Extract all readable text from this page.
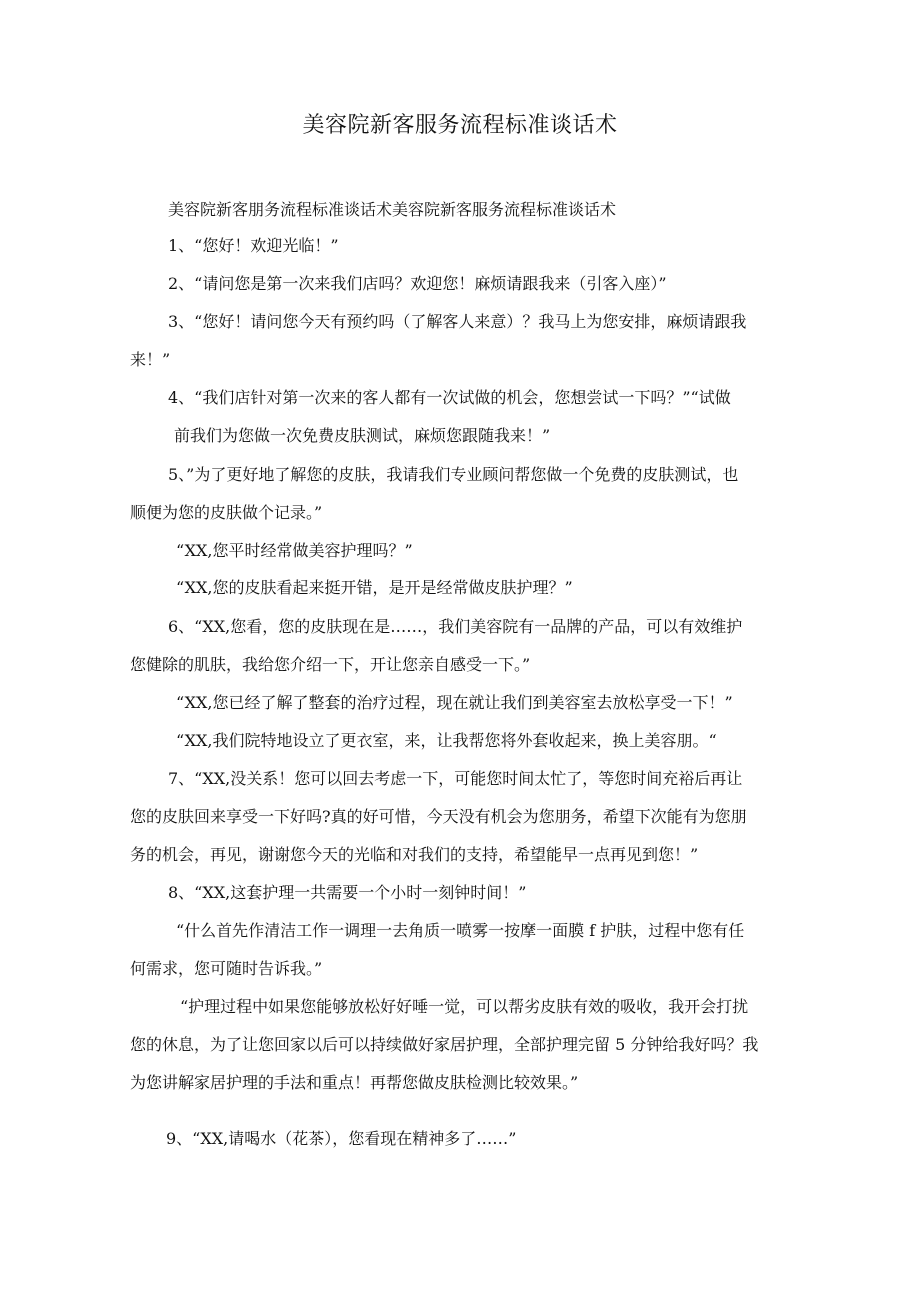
美容院新客服务流程标准谈话术
美容院新客朋务流程标准谈话术美容院新客服务流程标准谈话术
1、“您好！欢迎光临！”
2、“请问您是第一次来我们店吗？欢迎您！麻烦请跟我来（引客入座）”
3、“您好！请问您今天有预约吗（了解客人来意）？我马上为您安排，麻烦请跟我
来！”
4、“我们店针对第一次来的客人都有一次试做的机会，您想尝试一下吗？”“试做
前我们为您做一次免费皮肤测试，麻烦您跟随我来！”
5、”为了更好地了解您的皮肤，我请我们专业顾问帮您做一个免费的皮肤测试，也
顺便为您的皮肤做个记录。”
“XX,您平时经常做美容护理吗？”
“XX,您的皮肤看起来挺开错，是开是经常做皮肤护理？”
6、“XX,您看，您的皮肤现在是……，我们美容院有一品牌的产品，可以有效维护
您健除的肌肤，我给您介绍一下，开让您亲自感受一下。”
“XX,您已经了解了整套的治疗过程，现在就让我们到美容室去放松享受一下！”
“XX,我们院特地设立了更衣室，来，让我帮您将外套收起来，换上美容朋。“
7、“XX,没关系！您可以回去考虑一下，可能您时间太忙了，等您时间充裕后再让
您的皮肤回来享受一下好吗?真的好可惜，今天没有机会为您朋务，希望下次能有为您朋
务的机会，再见，谢谢您今天的光临和对我们的支持，希望能早一点再见到您！”
8、“XX,这套护理一共需要一个小时一刻钟时间！”
“什么首先作清洁工作一调理一去角质一喷雾一按摩一面膜 f 护肤，过程中您有任
何需求，您可随时告诉我。”
“护理过程中如果您能够放松好好唾一觉，可以帮劣皮肤有效的吸收，我开会打扰
您的休息，为了让您回家以后可以持续做好家居护理，全部护理完留 5 分钟给我好吗？我
为您讲解家居护理的手法和重点！再帮您做皮肤检测比较效果。”
9、“XX,请喝水（花茶），您看现在精神多了……”
